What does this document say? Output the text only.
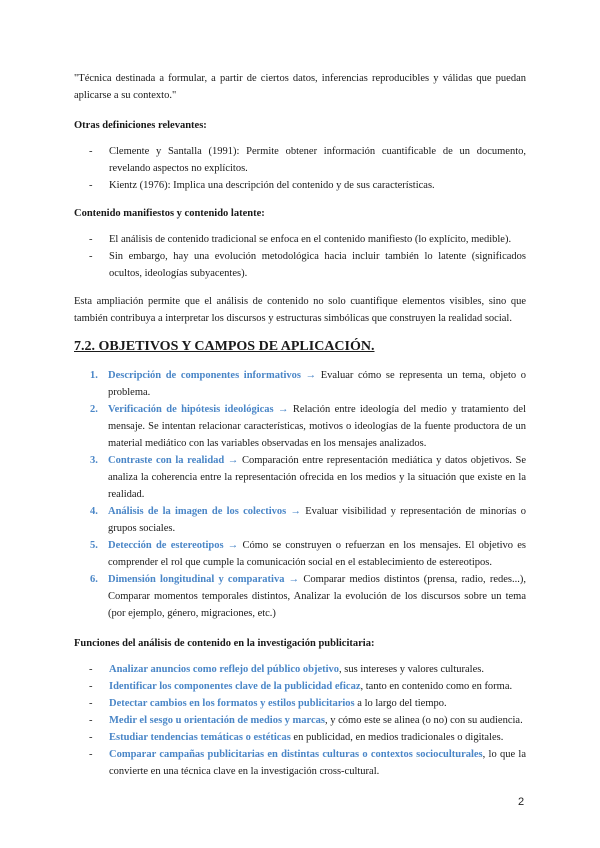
"Técnica destinada a formular, a partir de ciertos datos, inferencias reproducibles y válidas que puedan aplicarse a su contexto."

Otras definiciones relevantes:

- Clemente y Santalla (1991): Permite obtener información cuantificable de un documento, revelando aspectos no explícitos.
- Kientz (1976): Implica una descripción del contenido y de sus características.

Contenido manifiestos y contenido latente:

- El análisis de contenido tradicional se enfoca en el contenido manifiesto (lo explícito, medible).
- Sin embargo, hay una evolución metodológica hacia incluir también lo latente (significados ocultos, ideologías subyacentes).

Esta ampliación permite que el análisis de contenido no solo cuantifique elementos visibles, sino que también contribuya a interpretar los discursos y estructuras simbólicas que construyen la realidad social.

7.2. OBJETIVOS Y CAMPOS DE APLICACIÓN.

1. Descripción de componentes informativos → Evaluar cómo se representa un tema, objeto o problema.
2. Verificación de hipótesis ideológicas → Relación entre ideología del medio y tratamiento del mensaje. Se intentan relacionar características, motivos o ideologías de la fuente productora de un material mediático con las variables observadas en los mensajes analizados.
3. Contraste con la realidad → Comparación entre representación mediática y datos objetivos. Se analiza la coherencia entre la representación ofrecida en los medios y la situación que existe en la realidad.
4. Análisis de la imagen de los colectivos → Evaluar visibilidad y representación de minorías o grupos sociales.
5. Detección de estereotipos → Cómo se construyen o refuerzan en los mensajes. El objetivo es comprender el rol que cumple la comunicación social en el establecimiento de estereotipos.
6. Dimensión longitudinal y comparativa → Comparar medios distintos (prensa, radio, redes...), Comparar momentos temporales distintos, Analizar la evolución de los discursos sobre un tema (por ejemplo, género, migraciones, etc.)

Funciones del análisis de contenido en la investigación publicitaria:

- Analizar anuncios como reflejo del público objetivo, sus intereses y valores culturales.
- Identificar los componentes clave de la publicidad eficaz, tanto en contenido como en forma.
- Detectar cambios en los formatos y estilos publicitarios a lo largo del tiempo.
- Medir el sesgo u orientación de medios y marcas, y cómo este se alinea (o no) con su audiencia.
- Estudiar tendencias temáticas o estéticas en publicidad, en medios tradicionales o digitales.
- Comparar campañas publicitarias en distintas culturas o contextos socioculturales, lo que la convierte en una técnica clave en la investigación cross-cultural.
2
